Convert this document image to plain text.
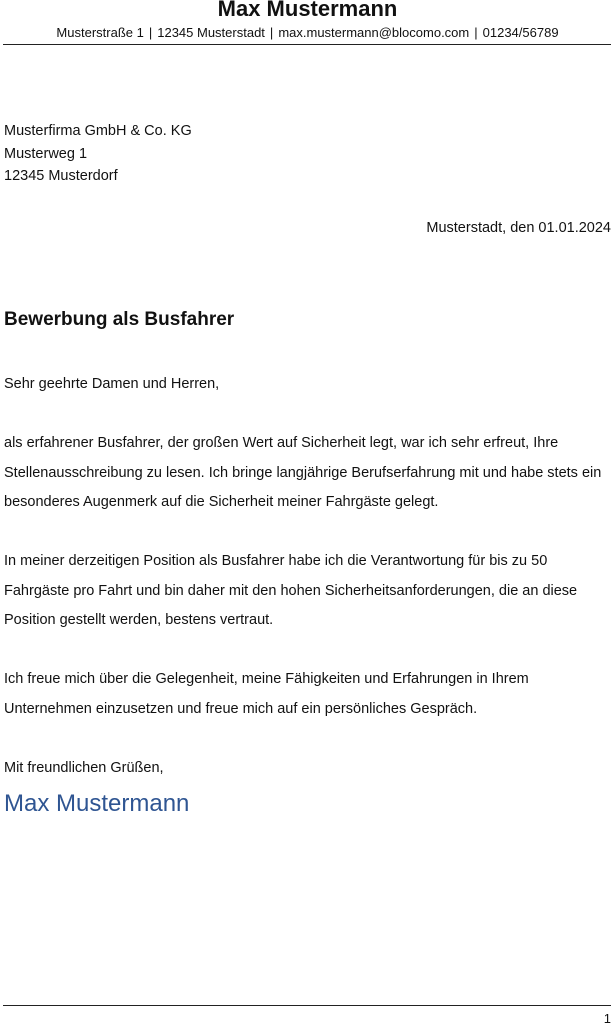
Max Mustermann
Musterstraße 1 | 12345 Musterstadt | max.mustermann@blocomo.com | 01234/56789
Musterfirma GmbH & Co. KG
Musterweg 1
12345 Musterdorf
Musterstadt, den 01.01.2024
Bewerbung als Busfahrer
Sehr geehrte Damen und Herren,
als erfahrener Busfahrer, der großen Wert auf Sicherheit legt, war ich sehr erfreut, Ihre Stellenausschreibung zu lesen. Ich bringe langjährige Berufserfahrung mit und habe stets ein besonderes Augenmerk auf die Sicherheit meiner Fahrgäste gelegt.
In meiner derzeitigen Position als Busfahrer habe ich die Verantwortung für bis zu 50 Fahrgäste pro Fahrt und bin daher mit den hohen Sicherheitsanforderungen, die an diese Position gestellt werden, bestens vertraut.
Ich freue mich über die Gelegenheit, meine Fähigkeiten und Erfahrungen in Ihrem Unternehmen einzusetzen und freue mich auf ein persönliches Gespräch.
Mit freundlichen Grüßen,
Max Mustermann
1
